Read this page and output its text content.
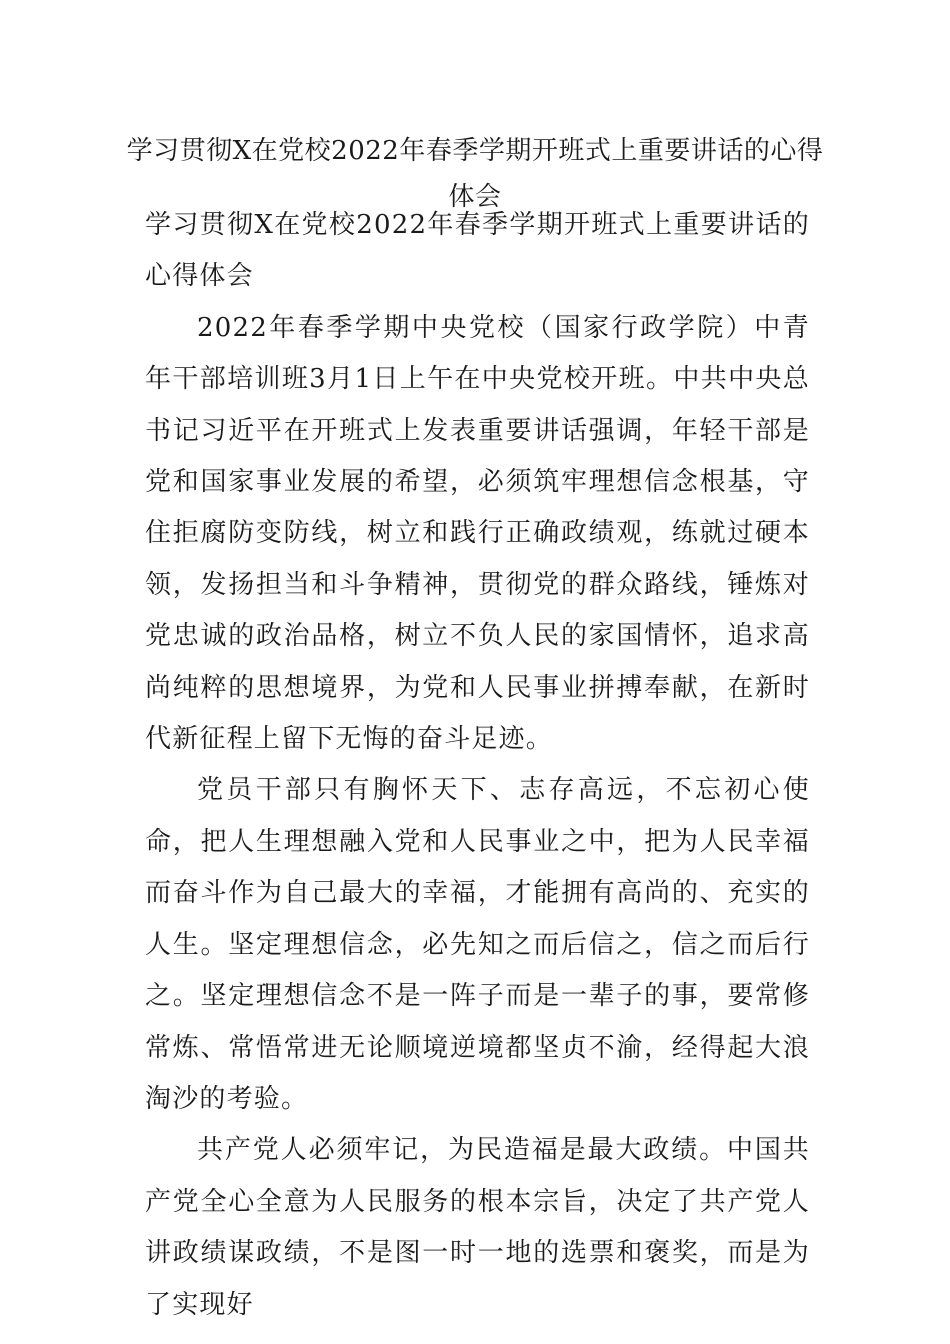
学习贯彻X在党校2022年春季学期开班式上重要讲话的心得体会

学习贯彻X在党校2022年春季学期开班式上重要讲话的心得体会

2022年春季学期中央党校（国家行政学院）中青年干部培训班3月1日上午在中央党校开班。中共中央总书记习近平在开班式上发表重要讲话强调，年轻干部是党和国家事业发展的希望，必须筑牢理想信念根基，守住拒腐防变防线，树立和践行正确政绩观，练就过硬本领，发扬担当和斗争精神，贯彻党的群众路线，锤炼对党忠诚的政治品格，树立不负人民的家国情怀，追求高尚纯粹的思想境界，为党和人民事业拼搏奉献，在新时代新征程上留下无悔的奋斗足迹。

党员干部只有胸怀天下、志存高远，不忘初心使命，把人生理想融入党和人民事业之中，把为人民幸福而奋斗作为自己最大的幸福，才能拥有高尚的、充实的人生。坚定理想信念，必先知之而后信之，信之而后行之。坚定理想信念不是一阵子而是一辈子的事，要常修常炼、常悟常进无论顺境逆境都坚贞不渝，经得起大浪淘沙的考验。

共产党人必须牢记，为民造福是最大政绩。中国共产党全心全意为人民服务的根本宗旨，决定了共产党人讲政绩谋政绩，不是图一时一地的选票和褒奖，而是为了实现好
